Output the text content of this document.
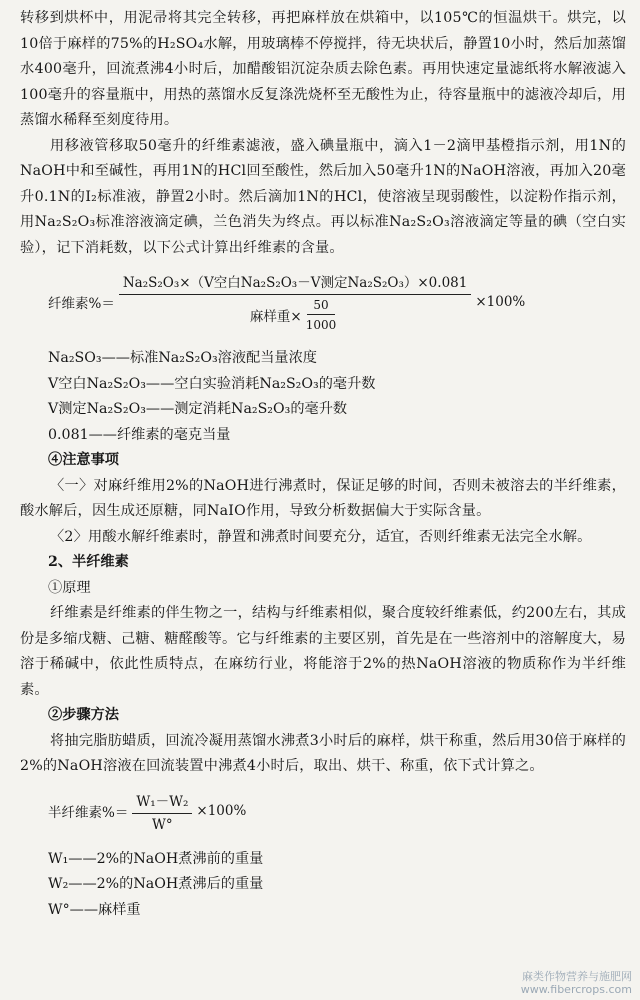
转移到烘杯中，用泥帚将其完全转移，再把麻样放在烘箱中，以105℃的恒温烘干。烘完，以10倍于麻样的75%的H₂SO₄水解，用玻璃棒不停搅拌，待无块状后，静置10小时，然后加蒸馏水400毫升，回流煮沸4小时后，加醋酸铝沉淀杂质去除色素。再用快速定量滤纸将水解液滤入100毫升的容量瓶中，用热的蒸馏水反复涤洗烧杯至无酸性为止，待容量瓶中的滤液冷却后，用蒸馏水稀释至刻度待用。

用移液管移取50毫升的纤维素滤液，盛入碘量瓶中，滴入1－2滴甲基橙指示剂，用1N的NaOH中和至碱性，再用1N的HCl回至酸性，然后加入50毫升1N的NaOH溶液，再加入20毫升0.1N的I₂标准液，静置2小时。然后滴加1N的HCl，使溶液呈现弱酸性，以淀粉作指示剂，用Na₂S₂O₃标准溶液滴定碘，兰色消失为终点。再以标准Na₂S₂O₃溶液滴定等量的碘（空白实验），记下消耗数，以下公式计算出纤维素的含量。

纤维素%＝ $\frac{\text{Na₂S₂O₃×（V空白Na₂S₂O₃－V测定Na₂S₂O₃）×0.081}}{麻样重\times \frac{50}{1000}} \times 100\%$

Na₂SO₃——标准Na₂S₂O₃溶液配当量浓度

V空白Na₂S₂O₃——空白实验消耗Na₂S₂O₃的毫升数

V测定Na₂S₂O₃——测定消耗Na₂S₂O₃的毫升数

0.081——纤维素的毫克当量

④注意事项

〈一〉对麻纤维用2%的NaOH进行沸煮时，保证足够的时间，否则未被溶去的半纤维素，酸水解后，因生成还原糖，同NaIO作用，导致分析数据偏大于实际含量。

〈2〉用酸水解纤维素时，静置和沸煮时间要充分，适宜，否则纤维素无法完全水解。

2、半纤维素

①原理

纤维素是纤维素的伴生物之一，结构与纤维素相似，聚合度较纤维素低，约200左右，其成份是多缩戊糖、己糖、糖醛酸等。它与纤维素的主要区别，首先是在一些溶剂中的溶解度大，易溶于稀碱中，依此性质特点，在麻纺行业，将能溶于2%的热NaOH溶液的物质称作为半纤维素。

②步骤方法

将抽完脂肪蜡质，回流冷凝用蒸馏水沸煮3小时后的麻样，烘干称重，然后用30倍于麻样的2%的NaOH溶液在回流装置中沸煮4小时后，取出、烘干、称重，依下式计算之。

半纤维素%＝ $\frac{\text{W₁－W₂}}{W^\circ} \times 100\%$

W₁——2%的NaOH煮沸前的重量

W₂——2%的NaOH煮沸后的重量

W°——麻样重

麻类作物营养与施肥网
www.fibercrops.com
